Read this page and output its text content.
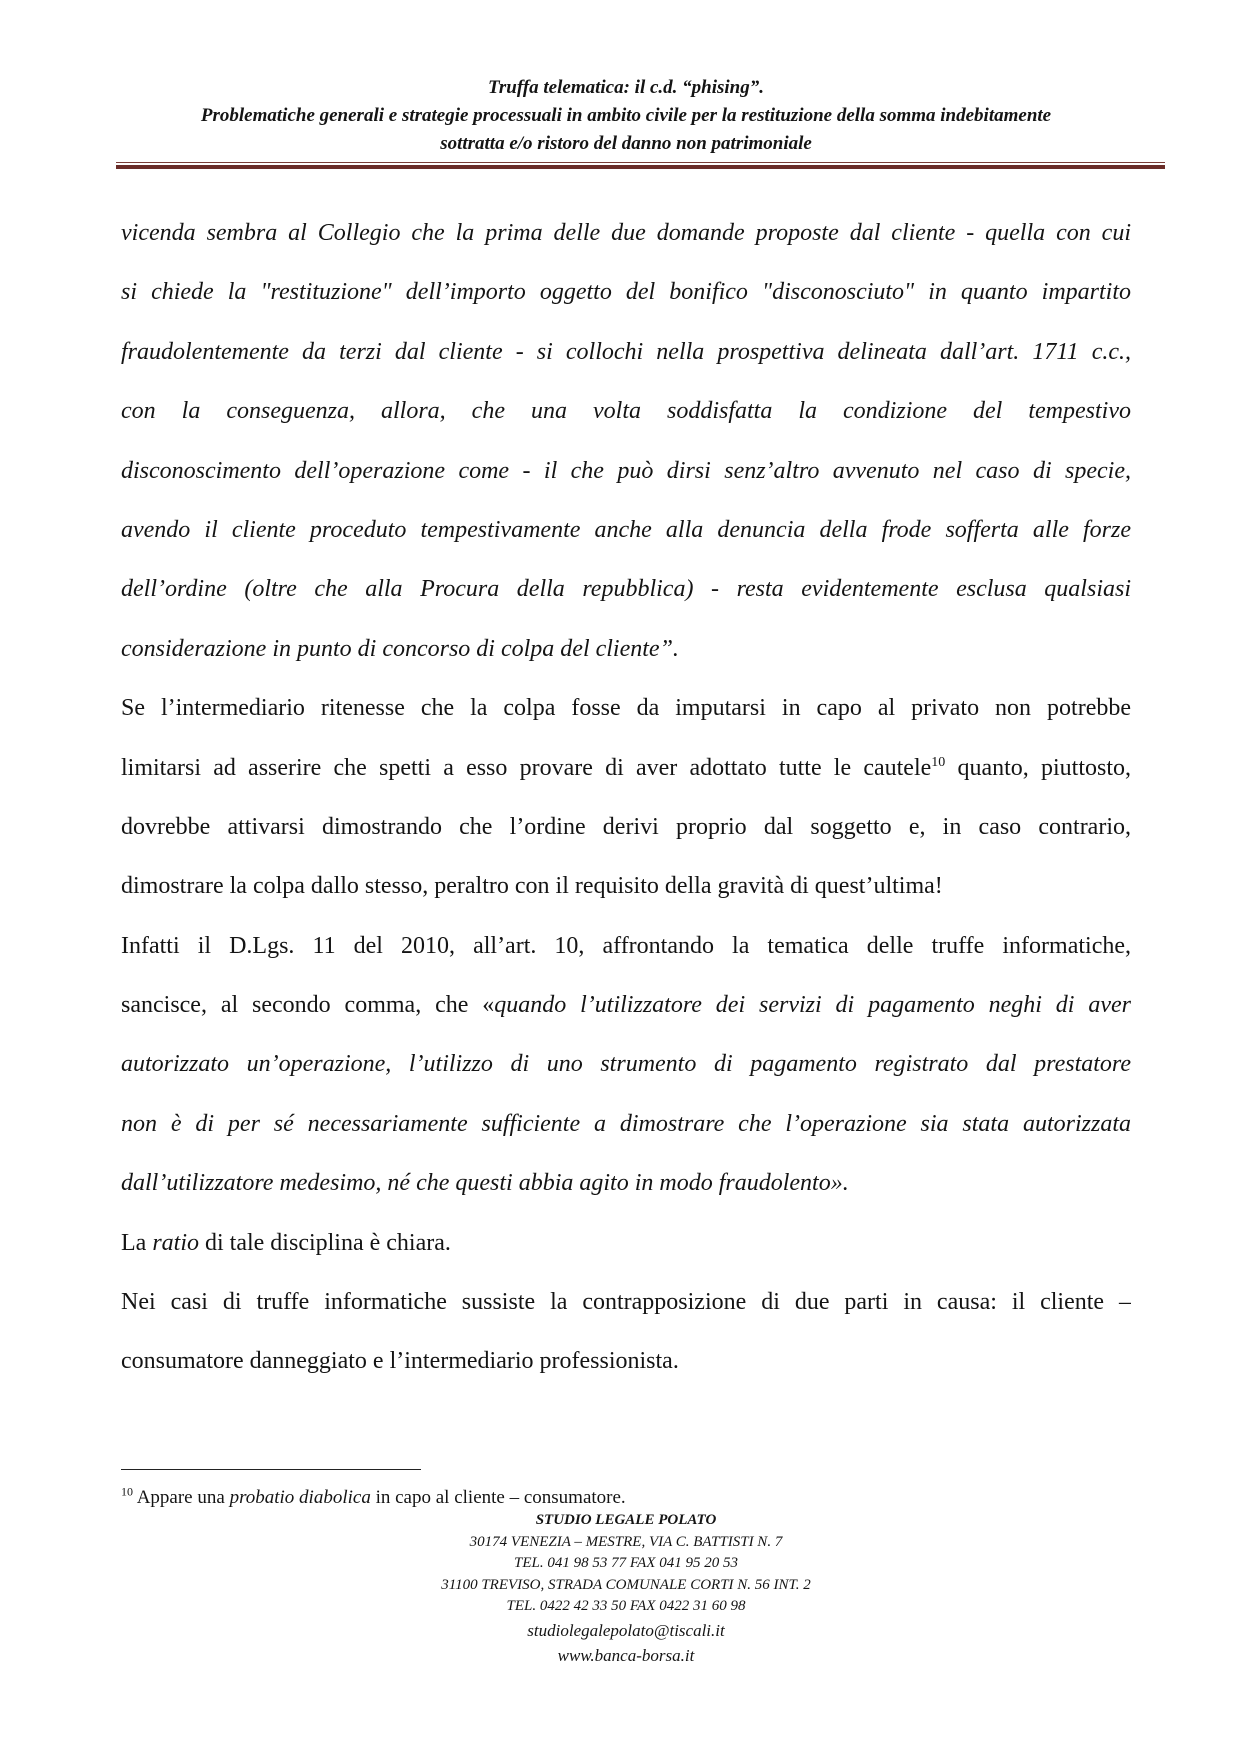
Truffa telematica: il c.d. “phising”.
Problematiche generali e strategie processuali in ambito civile per la restituzione della somma indebitamente
sottratta e/o ristoro del danno non patrimoniale
vicenda sembra al Collegio che la prima delle due domande proposte dal cliente - quella con cui
si chiede la "restituzione" dell’importo oggetto del bonifico "disconosciuto" in quanto impartito
fraudolentemente da terzi dal cliente - si collochi nella prospettiva delineata dall’art. 1711 c.c.,
con la conseguenza, allora, che una volta soddisfatta la condizione del tempestivo
disconoscimento dell’operazione come - il che può dirsi senz’altro avvenuto nel caso di specie,
avendo il cliente proceduto tempestivamente anche alla denuncia della frode sofferta alle forze
dell’ordine (oltre che alla Procura della repubblica) - resta evidentemente esclusa qualsiasi
considerazione in punto di concorso di colpa del cliente”.
Se l’intermediario ritenesse che la colpa fosse da imputarsi in capo al privato non potrebbe
limitarsi ad asserire che spetti a esso provare di aver adottato tutte le cautele$^{10}$ quanto, piuttosto,
dovrebbe attivarsi dimostrando che l’ordine derivi proprio dal soggetto e, in caso contrario,
dimostrare la colpa dallo stesso, peraltro con il requisito della gravità di quest’ultima!
Infatti il D.Lgs. 11 del 2010, all’art. 10, affrontando la tematica delle truffe informatiche,
sancisce, al secondo comma, che «quando l’utilizzatore dei servizi di pagamento neghi di aver
autorizzato un’operazione, l’utilizzo di uno strumento di pagamento registrato dal prestatore
non è di per sé necessariamente sufficiente a dimostrare che l’operazione sia stata autorizzata
dall’utilizzatore medesimo, né che questi abbia agito in modo fraudolento».
La ratio di tale disciplina è chiara.
Nei casi di truffe informatiche sussiste la contrapposizione di due parti in causa: il cliente –
consumatore danneggiato e l’intermediario professionista.
$^{10}$ Appare una probatio diabolica in capo al cliente – consumatore.
STUDIO LEGALE POLATO
30174 VENEZIA – MESTRE, VIA C. BATTISTI N. 7
TEL. 041 98 53 77 FAX 041 95 20 53
31100 TREVISO, STRADA COMUNALE CORTI N. 56 INT. 2
TEL. 0422 42 33 50 FAX 0422 31 60 98
studiolegalepolato@tiscali.it
www.banca-borsa.it
